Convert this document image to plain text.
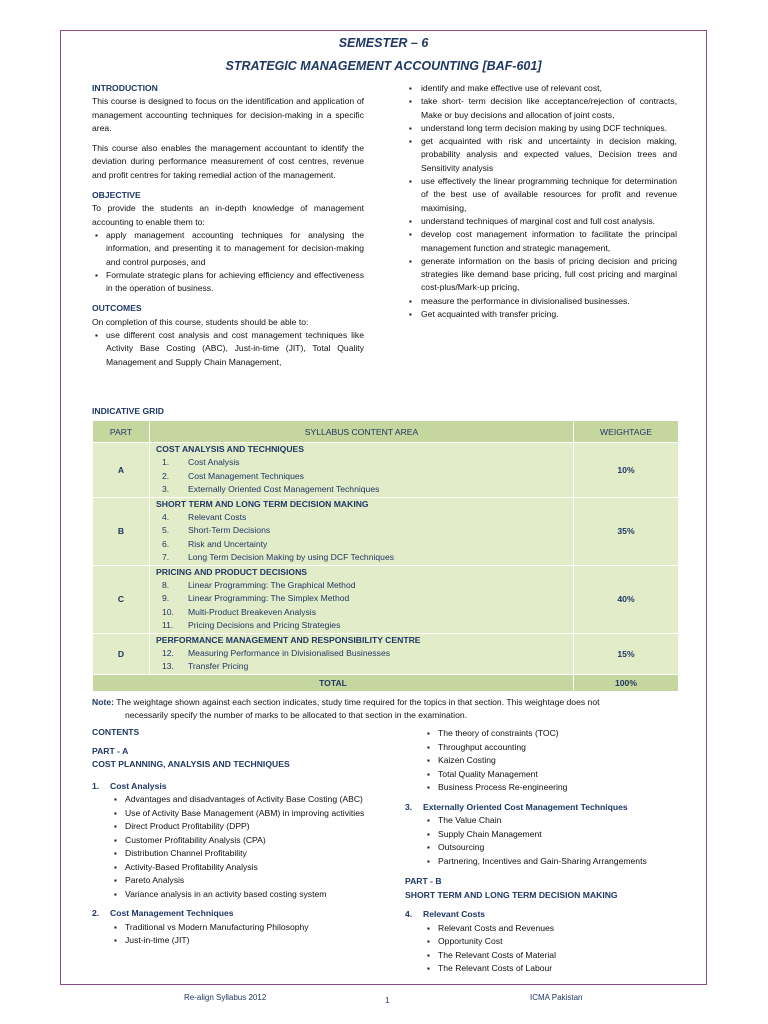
SEMESTER – 6
STRATEGIC MANAGEMENT ACCOUNTING [BAF-601]
INTRODUCTION

This course is designed to focus on the identification and application of management accounting techniques for decision-making in a specific area.

This course also enables the management accountant to identify the deviation during performance measurement of cost centres, revenue and profit centres for taking remedial action of the management.

OBJECTIVE

To provide the students an in-depth knowledge of management accounting to enable them to:

▪ apply management accounting techniques for analysing the information, and presenting it to management for decision-making and control purposes, and
▪ Formulate strategic plans for achieving efficiency and effectiveness in the operation of business.
OUTCOMES

On completion of this course, students should be able to:

▪ use different cost analysis and cost management techniques like Activity Base Costing (ABC), Just-in-time (JIT), Total Quality Management and Supply Chain Management,
▪ identify and make effective use of relevant cost,
▪ take short- term decision like acceptance/rejection of contracts, Make or buy decisions and allocation of joint costs,
▪ understand long term decision making by using DCF techniques.
▪ get acquainted with risk and uncertainty in decision making, probability analysis and expected values, Decision trees and Sensitivity analysis
▪ use effectively the linear programming technique for determination of the best use of available resources for profit and revenue maximising,
▪ understand techniques of marginal cost and full cost analysis.
▪ develop cost management information to facilitate the principal management function and strategic management,
▪ generate information on the basis of pricing decision and pricing strategies like demand base pricing, full cost pricing and marginal cost-plus/Mark-up pricing,
▪ measure the performance in divisionalised businesses.
▪ Get acquainted with transfer pricing.
INDICATIVE GRID
PART	SYLLABUS CONTENT AREA	WEIGHTAGE
A	COST ANALYSIS AND TECHNIQUES
1. Cost Analysis
2. Cost Management Techniques
3. Externally Oriented Cost Management Techniques	10%
B	SHORT TERM AND LONG TERM DECISION MAKING
4. Relevant Costs
5. Short-Term Decisions
6. Risk and Uncertainty
7. Long Term Decision Making by using DCF Techniques	35%
C	PRICING AND PRODUCT DECISIONS
8. Linear Programming: The Graphical Method
9. Linear Programming: The Simplex Method
10. Multi-Product Breakeven Analysis
11. Pricing Decisions and Pricing Strategies	40%
D	PERFORMANCE MANAGEMENT AND RESPONSIBILITY CENTRE
12. Measuring Performance in Divisionalised Businesses
13. Transfer Pricing	15%
TOTAL		100%
Note: The weightage shown against each section indicates, study time required for the topics in that section. This weightage does not
necessarily specify the number of marks to be allocated to that section in the examination.
CONTENTS
PART - A
COST PLANNING, ANALYSIS AND TECHNIQUES
1. Cost Analysis
▪ Advantages and disadvantages of Activity Base Costing (ABC)
▪ Use of Activity Base Management (ABM) in improving activities
▪ Direct Product Profitability (DPP)
▪ Customer Profitability Analysis (CPA)
▪ Distribution Channel Profitability
▪ Activity-Based Profitability Analysis
▪ Pareto Analysis
▪ Variance analysis in an activity based costing system
2. Cost Management Techniques
▪ Traditional vs Modern Manufacturing Philosophy
▪ Just-in-time (JIT)
▪ The theory of constraints (TOC)
▪ Throughput accounting
▪ Kaizen Costing
▪ Total Quality Management
▪ Business Process Re-engineering
3. Externally Oriented Cost Management Techniques
▪ The Value Chain
▪ Supply Chain Management
▪ Outsourcing
▪ Partnering, Incentives and Gain-Sharing Arrangements
PART - B
SHORT TERM AND LONG TERM DECISION MAKING
4. Relevant Costs
▪ Relevant Costs and Revenues
▪ Opportunity Cost
▪ The Relevant Costs of Material
▪ The Relevant Costs of Labour
Re-align Syllabus 2012	1	ICMA Pakistan
